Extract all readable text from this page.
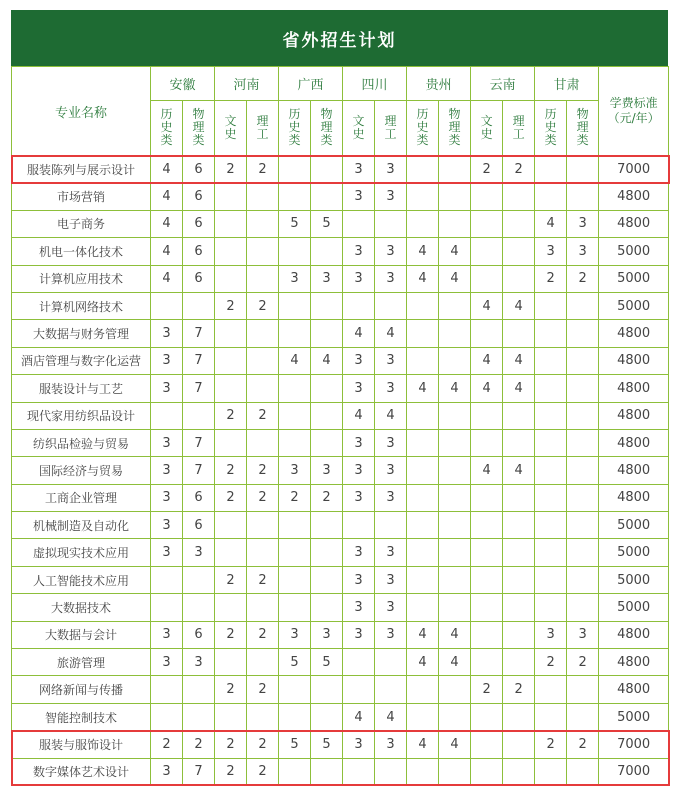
省外招生计划
专业名称	安徽		河南		广西		四川		贵州		云南		甘肃		学费标准
（元/年）
	历史类	物理类	文史	理工	历史类	物理类	文史	理工	历史类	物理类	文史	理工	历史类	物理类	
服装陈列与展示设计	4	6	2	2			3	3			2	2			7000
市场营销	4	6					3	3							4800
电子商务	4	6			5	5							4	3	4800
机电一体化技术	4	6					3	3	4	4			3	3	5000
计算机应用技术	4	6			3	3	3	3	4	4			2	2	5000
计算机网络技术			2	2							4	4			5000
大数据与财务管理	3	7					4	4							4800
酒店管理与数字化运营	3	7			4	4	3	3			4	4			4800
服装设计与工艺	3	7					3	3	4	4	4	4			4800
现代家用纺织品设计			2	2			4	4							4800
纺织品检验与贸易	3	7					3	3							4800
国际经济与贸易	3	7	2	2	3	3	3	3			4	4			4800
工商企业管理	3	6	2	2	2	2	3	3							4800
机械制造及自动化	3	6													5000
虚拟现实技术应用	3	3					3	3							5000
人工智能技术应用			2	2			3	3							5000
大数据技术							3	3							5000
大数据与会计	3	6	2	2	3	3	3	3	4	4			3	3	4800
旅游管理	3	3			5	5			4	4			2	2	4800
网络新闻与传播			2	2							2	2			4800
智能控制技术							4	4							5000
服装与服饰设计	2	2	2	2	5	5	3	3	4	4			2	2	7000
数字媒体艺术设计	3	7	2	2											7000
